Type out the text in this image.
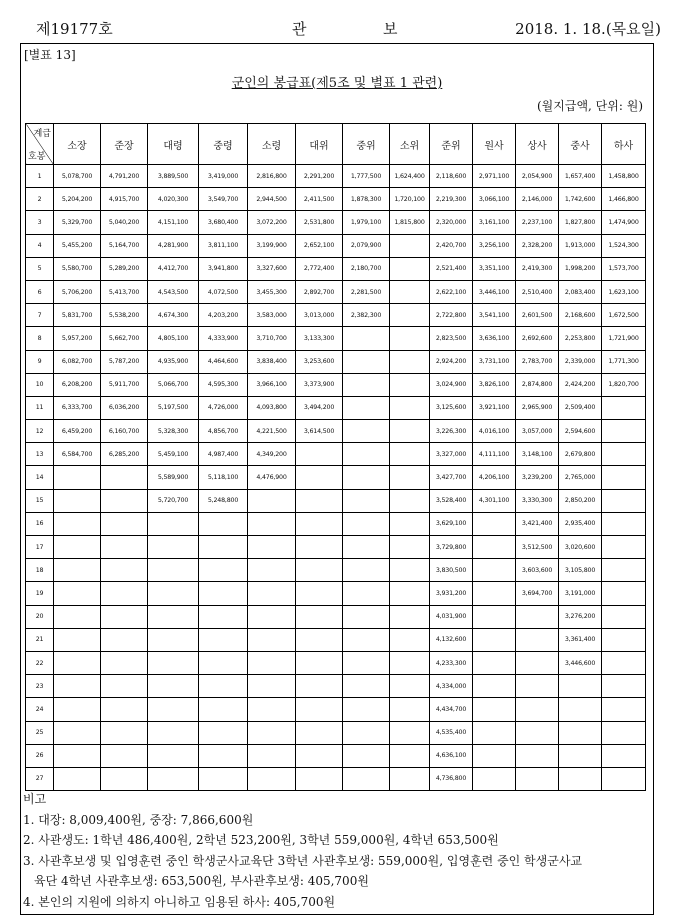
제19177호	관	보	2018. 1. 18.(목요일)
[별표 13]
군인의 봉급표(제5조 및 별표 1 관련)
(월지급액, 단위: 원)
계급
호봉	소장	준장	대령	중령	소령	대위	중위	소위	준위	원사	상사	중사	하사
1	5,078,700	4,791,200	3,889,500	3,419,000	2,816,800	2,291,200	1,777,500	1,624,400	2,118,600	2,971,100	2,054,900	1,657,400	1,458,800
2	5,204,200	4,915,700	4,020,300	3,549,700	2,944,500	2,411,500	1,878,300	1,720,100	2,219,300	3,066,100	2,146,000	1,742,600	1,466,800
3	5,329,700	5,040,200	4,151,100	3,680,400	3,072,200	2,531,800	1,979,100	1,815,800	2,320,000	3,161,100	2,237,100	1,827,800	1,474,900
4	5,455,200	5,164,700	4,281,900	3,811,100	3,199,900	2,652,100	2,079,900		2,420,700	3,256,100	2,328,200	1,913,000	1,524,300
5	5,580,700	5,289,200	4,412,700	3,941,800	3,327,600	2,772,400	2,180,700		2,521,400	3,351,100	2,419,300	1,998,200	1,573,700
6	5,706,200	5,413,700	4,543,500	4,072,500	3,455,300	2,892,700	2,281,500		2,622,100	3,446,100	2,510,400	2,083,400	1,623,100
7	5,831,700	5,538,200	4,674,300	4,203,200	3,583,000	3,013,000	2,382,300		2,722,800	3,541,100	2,601,500	2,168,600	1,672,500
8	5,957,200	5,662,700	4,805,100	4,333,900	3,710,700	3,133,300			2,823,500	3,636,100	2,692,600	2,253,800	1,721,900
9	6,082,700	5,787,200	4,935,900	4,464,600	3,838,400	3,253,600			2,924,200	3,731,100	2,783,700	2,339,000	1,771,300
10	6,208,200	5,911,700	5,066,700	4,595,300	3,966,100	3,373,900			3,024,900	3,826,100	2,874,800	2,424,200	1,820,700
11	6,333,700	6,036,200	5,197,500	4,726,000	4,093,800	3,494,200			3,125,600	3,921,100	2,965,900	2,509,400	
12	6,459,200	6,160,700	5,328,300	4,856,700	4,221,500	3,614,500			3,226,300	4,016,100	3,057,000	2,594,600	
13	6,584,700	6,285,200	5,459,100	4,987,400	4,349,200				3,327,000	4,111,100	3,148,100	2,679,800	
14			5,589,900	5,118,100	4,476,900				3,427,700	4,206,100	3,239,200	2,765,000	
15			5,720,700	5,248,800					3,528,400	4,301,100	3,330,300	2,850,200	
16									3,629,100		3,421,400	2,935,400	
17									3,729,800		3,512,500	3,020,600	
18									3,830,500		3,603,600	3,105,800	
19									3,931,200		3,694,700	3,191,000	
20									4,031,900			3,276,200	
21									4,132,600			3,361,400	
22									4,233,300			3,446,600	
23									4,334,000				
24									4,434,700				
25									4,535,400				
26									4,636,100				
27									4,736,800				
비고
1. 대장: 8,009,400원, 중장: 7,866,600원
2. 사관생도: 1학년 486,400원, 2학년 523,200원, 3학년 559,000원, 4학년 653,500원
3. 사관후보생 및 입영훈련 중인 학생군사교육단 3학년 사관후보생: 559,000원, 입영훈련 중인 학생군사교
육단 4학년 사관후보생: 653,500원, 부사관후보생: 405,700원
4. 본인의 지원에 의하지 아니하고 임용된 하사: 405,700원
